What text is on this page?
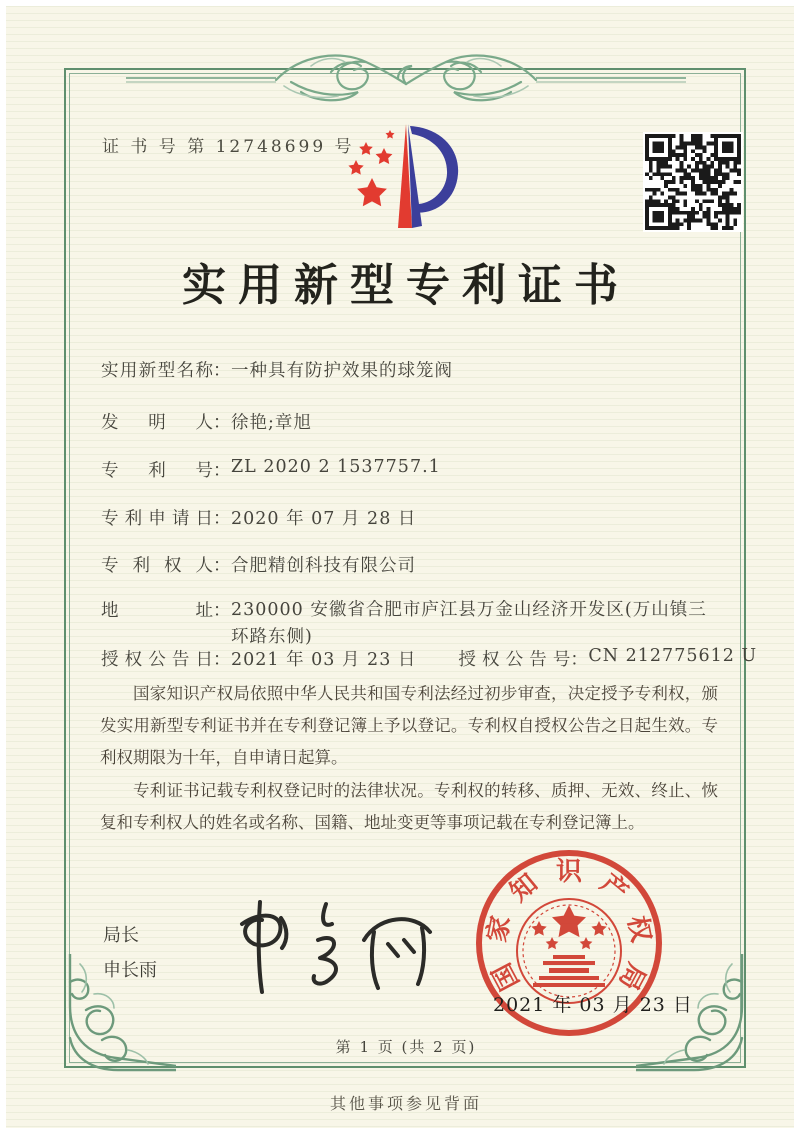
证 书 号 第 12748699 号
实用新型专利证书
实用新型名称：一种具有防护效果的球笼阀
发明人：徐艳;章旭
专利号：ZL 2020 2 1537757.1
专利申请日：2020 年 07 月 28 日
专利权人：合肥精创科技有限公司
地址：230000 安徽省合肥市庐江县万金山经济开发区(万山镇三环路东侧)
授权公告日：2021 年 03 月 23 日 授权公告号：CN 212775612 U

国家知识产权局依照中华人民共和国专利法经过初步审查，决定授予专利权，颁发实用新型专利证书并在专利登记簿上予以登记。专利权自授权公告之日起生效。专利权期限为十年，自申请日起算。

专利证书记载专利权登记时的法律状况。专利权的转移、质押、无效、终止、恢复和专利权人的姓名或名称、国籍、地址变更等事项记载在专利登记簿上。

局长
申长雨	国
家
知 识 产
权
局
2021 年 03 月 23 日
第 1 页 (共 2 页)
其他事项参见背面
